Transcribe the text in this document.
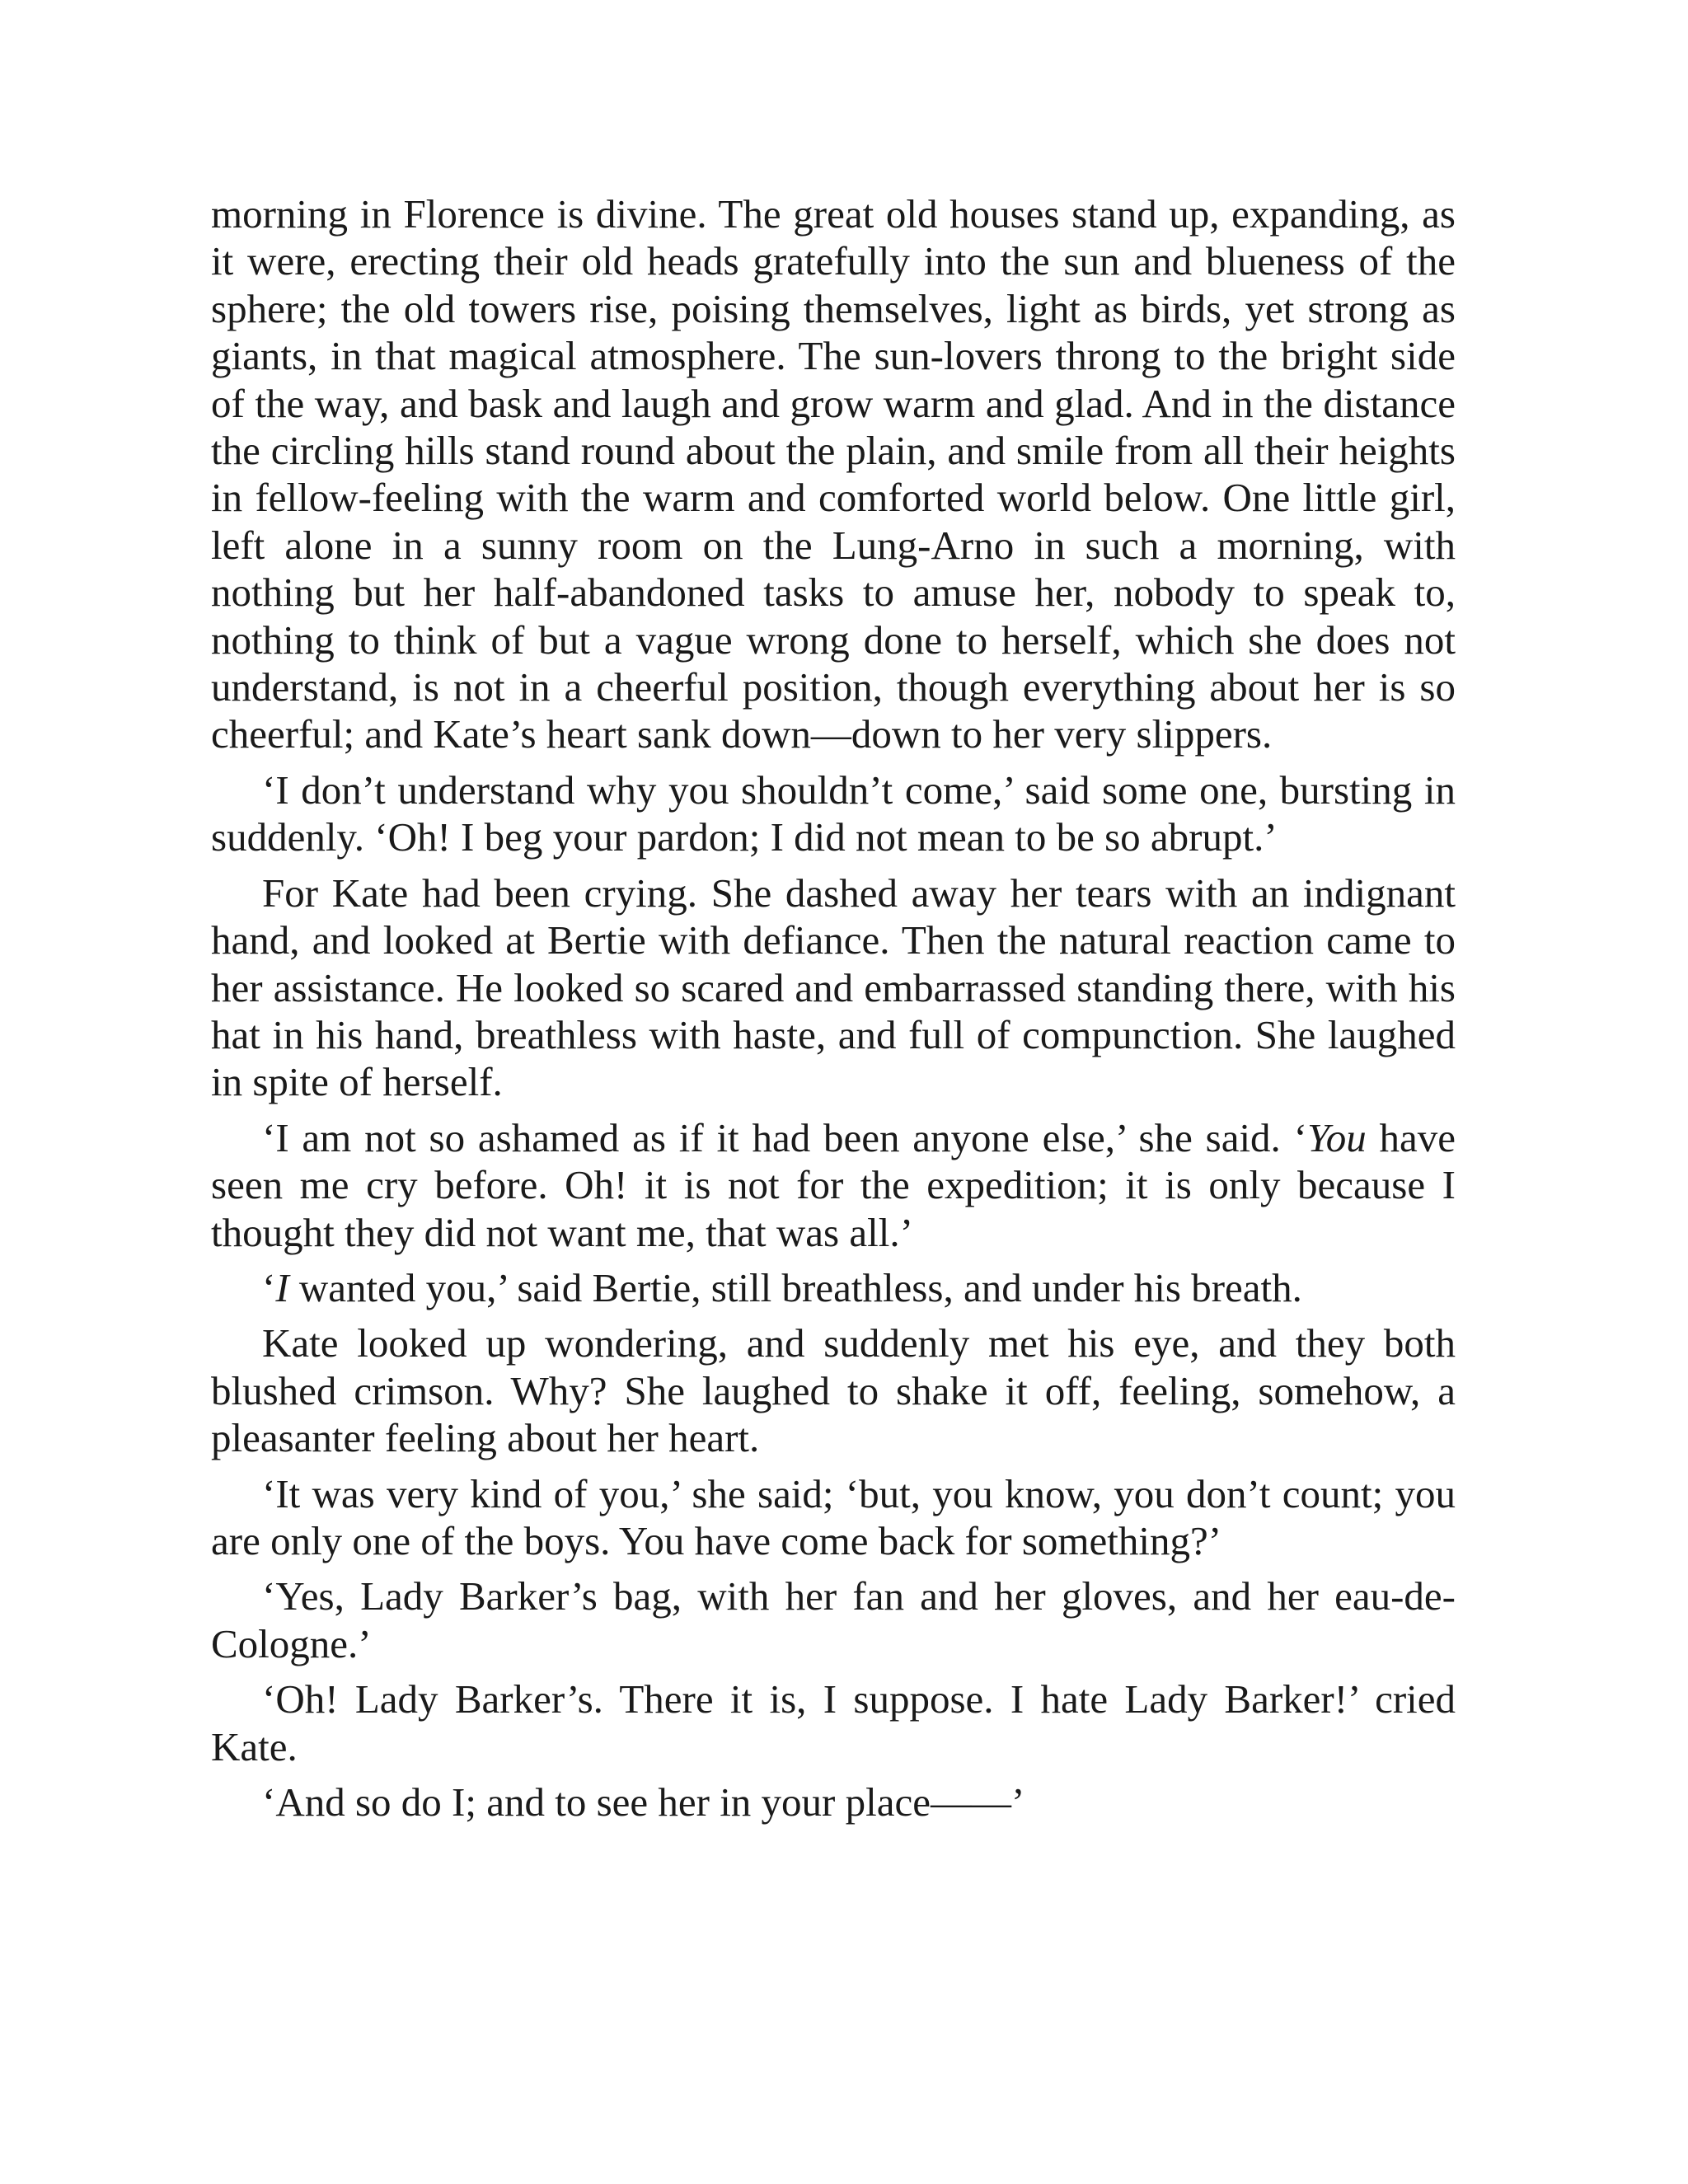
morning in Florence is divine. The great old houses stand up, expanding, as it were, erecting their old heads gratefully into the sun and blueness of the sphere; the old towers rise, poising themselves, light as birds, yet strong as giants, in that magical atmosphere. The sun-lovers throng to the bright side of the way, and bask and laugh and grow warm and glad. And in the distance the circling hills stand round about the plain, and smile from all their heights in fellow-feeling with the warm and comforted world below. One little girl, left alone in a sunny room on the Lung-Arno in such a morning, with nothing but her half-abandoned tasks to amuse her, nobody to speak to, nothing to think of but a vague wrong done to herself, which she does not understand, is not in a cheerful position, though everything about her is so cheerful; and Kate’s heart sank down—down to her very slippers.

‘I don’t understand why you shouldn’t come,’ said some one, bursting in suddenly. ‘Oh! I beg your pardon; I did not mean to be so abrupt.’

For Kate had been crying. She dashed away her tears with an indignant hand, and looked at Bertie with defiance. Then the natural reaction came to her assistance. He looked so scared and embarrassed standing there, with his hat in his hand, breathless with haste, and full of compunction. She laughed in spite of herself.

‘I am not so ashamed as if it had been anyone else,’ she said. ‘You have seen me cry before. Oh! it is not for the expedition; it is only because I thought they did not want me, that was all.’

‘I wanted you,’ said Bertie, still breathless, and under his breath.

Kate looked up wondering, and suddenly met his eye, and they both blushed crimson. Why? She laughed to shake it off, feeling, somehow, a pleasanter feeling about her heart.

‘It was very kind of you,’ she said; ‘but, you know, you don’t count; you are only one of the boys. You have come back for something?’

‘Yes, Lady Barker’s bag, with her fan and her gloves, and her eau-de-Cologne.’

‘Oh! Lady Barker’s. There it is, I suppose. I hate Lady Barker!’ cried Kate.

‘And so do I; and to see her in your place——’
